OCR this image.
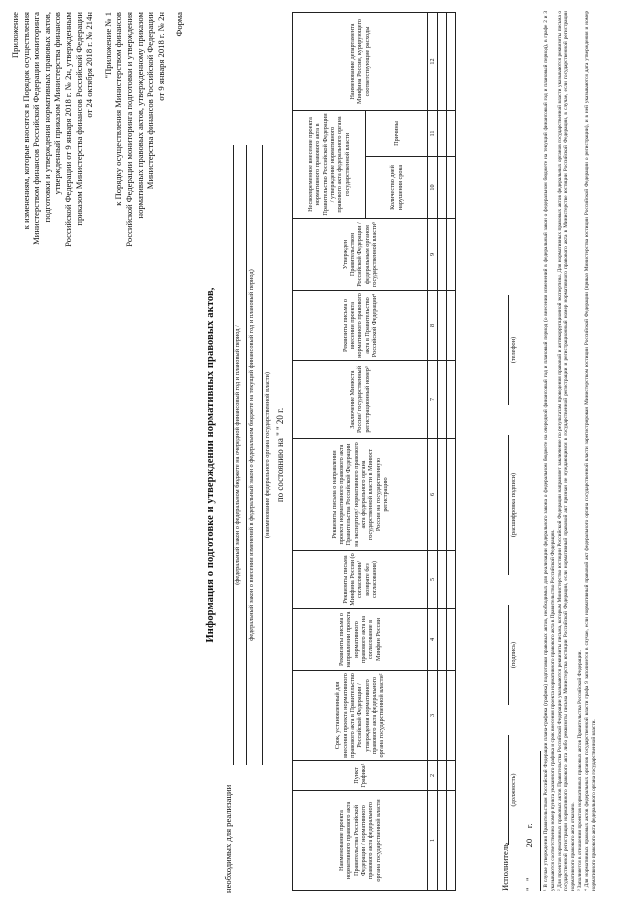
Приложение к изменениям, которые вносятся в Порядок осуществления Министерством финансов Российской Федерации мониторинга подготовки и утверждения нормативных правовых актов, утвержденный приказом Министерства финансов Российской Федерации от 9 января 2018 г. № 2н, утвержденным приказом Министерства финансов Российской Федерации от 24 октября 2018 г. № 214н "Приложение № 1 к Порядку осуществления Министерством финансов Российской Федерации мониторинга подготовки и утверждения нормативных правовых актов, утвержденному приказом Министерства финансов Российской Федерации от 9 января 2018 г. № 2н Форма
Информация о подготовке и утверждении нормативных правовых актов,
необходимых для реализации
(федеральный закон о федеральном бюджете на очередной финансовый год и плановый период / федеральный закон о внесении изменений в федеральный закон о федеральном бюджете на текущий финансовый год и плановый период) (наименование федерального органа государственной власти) по состоянию на " " 20 г.
Наименование проекта нормативного правового акта Правительства Российской Федерации / нормативного правового акта федерального органа государственной власти	Пункт Графика¹	Срок, установленный для внесения проекта нормативного правового акта в Правительство Российской Федерации / утверждения нормативного правового акта федерального органа государственной власти²	Реквизиты письма о направлении проекта нормативного правового акта на согласование в Минфин России	Реквизиты письма Минфина России (о согласовании/ возврате без согласования)	Реквизиты письма о направлении проекта нормативного правового акта Правительства Российской Федерации на экспертизу/ нормативного правового акта федерального органа государственной власти в Минюст России на государственную регистрацию	Заключение Минюста России/ государственный регистрационный номер³	Реквизиты письма о внесении проекта нормативного правового акта в Правительство Российской Федерации⁴	Утвержден Правительством Российской Федерации / федеральным органом государственной власти⁵	Несвоевременное внесение проекта нормативного правового акта в Правительство Российской Федерации / утверждение нормативного правового акта федерального органа государственной власти		Наименование департамента Минфина России, курирующего соответствующие расходы
									Количество дней нарушения срока	Причины	
1	2	3	4	5	6	7	8	9	10	11	12

Исполнитель
(должность)
(подпись)
(расшифровка подписи)
(телефон)
"   "              20     г. ¹ В случае утверждения Правительством Российской Федерации плана-графика (графика) подготовки правовых актов, необходимых для реализации федерального закона о федеральном бюджете на очередной финансовый год и плановый период (о внесении изменений в федеральный закон о федеральном бюджете на текущий финансовый год и плановый период), в графе 2 и 3 указываются соответственно номер пункта указанного графика и срок внесения проекта нормативного правового акта в Правительство Российской Федерации. ² Для проектов нормативных правовых актов Правительства Российской Федерации указываются реквизиты письма, которым Министерство юстиции Российской Федерации направляет заключение по результатам проведения правовой и антикоррупционной экспертизы. Для нормативных правовых актов федеральных органов государственной власти указываются реквизиты письма о государственной регистрации нормативного правового акта либо реквизиты письма Министерства юстиции Российской Федерации, если нормативный правовой акт признан не нуждающимся в государственной регистрации и регистрационный номер нормативного правового акта в Министерстве юстиции Российской Федерации, в случае, если государственной регистрации нормативного правового акта отказано. ³ Заполняется в отношении проектов нормативных правовых актов Правительства Российской Федерации. ⁴ Для нормативных правовых актов федеральных органов государственной власти графа 9 заполняется в случае, если нормативный правовой акт федерального органа государственной власти зарегистрирован Министерством юстиции Российской Федерации (приказ Министерства юстиции Российской Федерации о регистрации), и в ней указываются дата утверждения и номер нормативного правового акта федерального органа государственной власти.
